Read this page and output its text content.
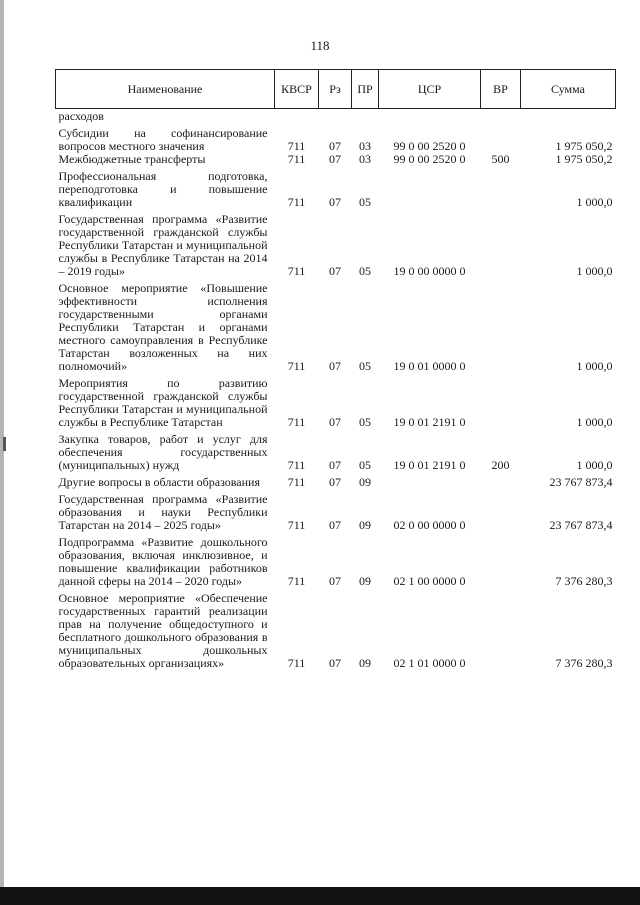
118
Наименование	КВСР	Рз	ПР	ЦСР	ВР	Сумма
расходов						
Субсидии на софинансирование вопросов местного значения	711	07	03	99 0 00 2520 0		1 975 050,2
Межбюджетные трансферты	711	07	03	99 0 00 2520 0	500	1 975 050,2
Профессиональная подготовка, переподготовка и повышение квалификации	711	07	05			1 000,0
Государственная программа «Развитие государственной гражданской службы Республики Татарстан и муниципальной службы в Республике Татарстан на 2014 – 2019 годы»	711	07	05	19 0 00 0000 0		1 000,0
Основное мероприятие «Повышение эффективности исполнения государственными органами Республики Татарстан и органами местного самоуправления в Республике Татарстан возложенных на них полномочий»	711	07	05	19 0 01 0000 0		1 000,0
Мероприятия по развитию государственной гражданской службы Республики Татарстан и муниципальной службы в Республике Татарстан	711	07	05	19 0 01 2191 0		1 000,0
Закупка товаров, работ и услуг для обеспечения государственных (муниципальных) нужд	711	07	05	19 0 01 2191 0	200	1 000,0
Другие вопросы в области образования	711	07	09			23 767 873,4
Государственная программа «Развитие образования и науки Республики Татарстан на 2014 – 2025 годы»	711	07	09	02 0 00 0000 0		23 767 873,4
Подпрограмма «Развитие дошкольного образования, включая инклюзивное, и повышение квалификации работников данной сферы на 2014 – 2020 годы»	711	07	09	02 1 00 0000 0		7 376 280,3
Основное мероприятие «Обеспечение государственных гарантий реализации прав на получение общедоступного и бесплатного дошкольного образования в муниципальных дошкольных образовательных организациях»	711	07	09	02 1 01 0000 0		7 376 280,3
